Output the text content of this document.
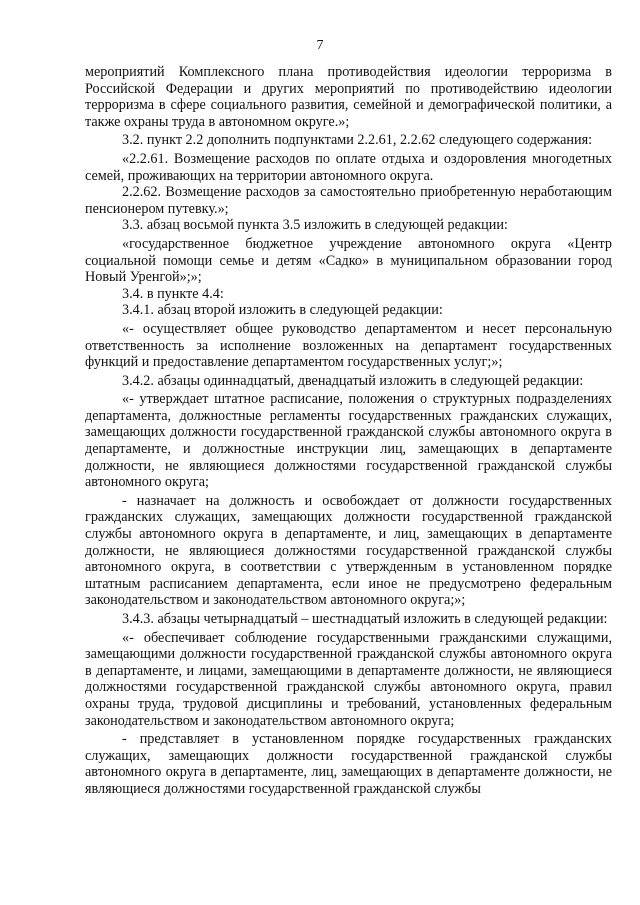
7

мероприятий Комплексного плана противодействия идеологии терроризма в Российской Федерации и других мероприятий по противодействию идеологии терроризма в сфере социального развития, семейной и демографической политики, а также охраны труда в автономном округе.»;

3.2. пункт 2.2 дополнить подпунктами 2.2.61, 2.2.62 следующего содержания:

«2.2.61. Возмещение расходов по оплате отдыха и оздоровления многодетных семей, проживающих на территории автономного округа.

2.2.62. Возмещение расходов за самостоятельно приобретенную неработающим пенсионером путевку.»;

3.3. абзац восьмой пункта 3.5 изложить в следующей редакции:

«государственное бюджетное учреждение автономного округа «Центр социальной помощи семье и детям «Садко» в муниципальном образовании город Новый Уренгой»;»;

3.4. в пункте 4.4:

3.4.1. абзац второй изложить в следующей редакции:

«- осуществляет общее руководство департаментом и несет персональную ответственность за исполнение возложенных на департамент государственных функций и предоставление департаментом государственных услуг;»;

3.4.2. абзацы одиннадцатый, двенадцатый изложить в следующей редакции:

«- утверждает штатное расписание, положения о структурных подразделениях департамента, должностные регламенты государственных гражданских служащих, замещающих должности государственной гражданской службы автономного округа в департаменте, и должностные инструкции лиц, замещающих в департаменте должности, не являющиеся должностями государственной гражданской службы автономного округа;

- назначает на должность и освобождает от должности государственных гражданских служащих, замещающих должности государственной гражданской службы автономного округа в департаменте, и лиц, замещающих в департаменте должности, не являющиеся должностями государственной гражданской службы автономного округа, в соответствии с утвержденным в установленном порядке штатным расписанием департамента, если иное не предусмотрено федеральным законодательством и законодательством автономного округа;»;

3.4.3. абзацы четырнадцатый – шестнадцатый изложить в следующей редакции:

«- обеспечивает соблюдение государственными гражданскими служащими, замещающими должности государственной гражданской службы автономного округа в департаменте, и лицами, замещающими в департаменте должности, не являющиеся должностями государственной гражданской службы автономного округа, правил охраны труда, трудовой дисциплины и требований, установленных федеральным законодательством и законодательством автономного округа;

- представляет в установленном порядке государственных гражданских служащих, замещающих должности государственной гражданской службы автономного округа в департаменте, лиц, замещающих в департаменте должности, не являющиеся должностями государственной гражданской службы
